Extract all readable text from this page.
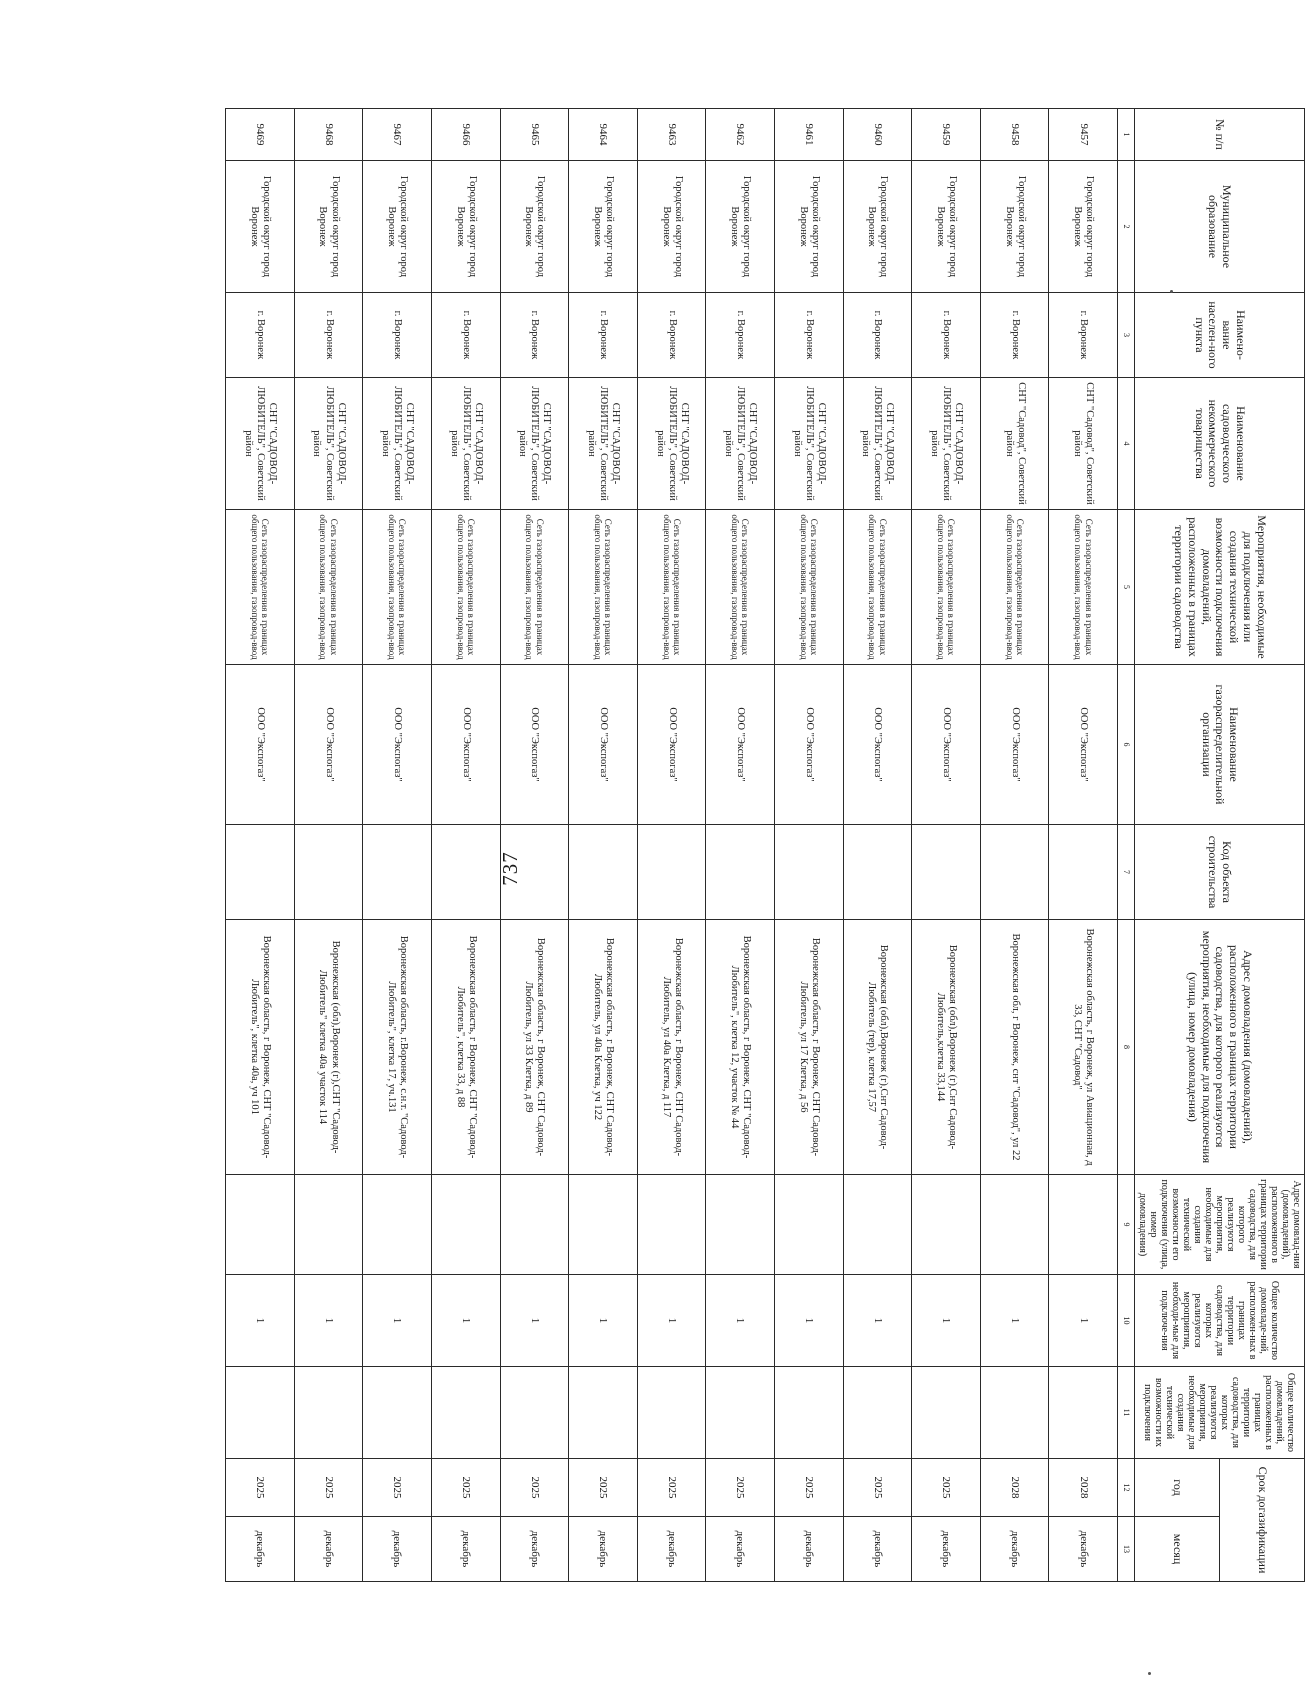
737
№ п/п	Муниципальное образование	Наимено-вание населен-ного пункта	Наименование садоводческого некоммерческого товарищества	Мероприятия, необходимые для подключения или создания технической возможности подключения домовладений, расположенных в границах территории садоводства	Наименование газораспределительной организации	Код объекта строительства	Адрес домовладения (домовладений), расположенного в границах территории садоводства, для которого реализуются мероприятия, необходимые для подключения (улица, номер домовладения)	Адрес домовлад-ния (домовладений), расположенного в границах территории садоводства, для которого реализуются мероприятия, необходимые для создания технической возможности его подключения (улица, номер домовладения)	Общее количество домовладе-ний, расположен-ных в границах территории садоводства, для которых реализуются мероприятия, необходи-мые для подключе-ния	Общее количество домовладений, расположенных в границах территории садоводства, для которых реализуются мероприятия, необходимые для создания технической возможности их подключения	Срок догазификации	
											год	месяц
1	2	3	4	5	6	7	8	9	10	11	12	13
9457	Городской округ город Воронеж	г. Воронеж	СНТ "Садовод", Советский район	Сеть газораспределения в границах общего пользования, газопровод-ввод	ООО "Экспогаз"		Воронежская область, г Воронеж, ул Авиационная, д 33, СНТ "Садовод"		1		2028	декабрь
9458	Городской округ город Воронеж	г. Воронеж	СНТ "Садовод", Советский район	Сеть газораспределения в границах общего пользования, газопровод-ввод	ООО "Экспогаз"		Воронежская обл, г Воронеж, снт "Садовод", ул 22		1		2028	декабрь
9459	Городской округ город Воронеж	г. Воронеж	СНТ "САДОВОД-ЛЮБИТЕЛЬ", Советский район	Сеть газораспределения в границах общего пользования, газопровод-ввод	ООО "Экспогаз"		Воронежская (обл),Воронеж (г),Снт Садовод-Любитель,клетка 33,144		1		2025	декабрь
9460	Городской округ город Воронеж	г. Воронеж	СНТ "САДОВОД-ЛЮБИТЕЛЬ", Советский район	Сеть газораспределения в границах общего пользования, газопровод-ввод	ООО "Экспогаз"		Воронежская (обл),Воронеж (г),Снт Садовод-Любитель (тер), клетка 17,57		1		2025	декабрь
9461	Городской округ город Воронеж	г. Воронеж	СНТ "САДОВОД-ЛЮБИТЕЛЬ", Советский район	Сеть газораспределения в границах общего пользования, газопровод-ввод	ООО "Экспогаз"		Воронежская область, г Воронеж, СНТ Садовод-Любитель, ул 17 Клетка, д 56		1		2025	декабрь
9462	Городской округ город Воронеж	г. Воронеж	СНТ "САДОВОД-ЛЮБИТЕЛЬ", Советский район	Сеть газораспределения в границах общего пользования, газопровод-ввод	ООО "Экспогаз"		Воронежская область, г Воронеж, СНТ "Садовод-Любитель", клетка 12, участок № 44		1		2025	декабрь
9463	Городской округ город Воронеж	г. Воронеж	СНТ "САДОВОД-ЛЮБИТЕЛЬ", Советский район	Сеть газораспределения в границах общего пользования, газопровод-ввод	ООО "Экспогаз"		Воронежская область, г Воронеж, СНТ Садовод-Любитель, ул 40а Клетка, д 117		1		2025	декабрь
9464	Городской округ город Воронеж	г. Воронеж	СНТ "САДОВОД-ЛЮБИТЕЛЬ", Советский район	Сеть газораспределения в границах общего пользования, газопровод-ввод	ООО "Экспогаз"		Воронежская область, г Воронеж, СНТ Садовод-Любитель, ул 40а Клетка, уч 122		1		2025	декабрь
9465	Городской округ город Воронеж	г. Воронеж	СНТ "САДОВОД-ЛЮБИТЕЛЬ", Советский район	Сеть газораспределения в границах общего пользования, газопровод-ввод	ООО "Экспогаз"		Воронежская область, г Воронеж, СНТ Садовод-Любитель, ул 33 Клетка, д 89		1		2025	декабрь
9466	Городской округ город Воронеж	г. Воронеж	СНТ "САДОВОД-ЛЮБИТЕЛЬ", Советский район	Сеть газораспределения в границах общего пользования, газопровод-ввод	ООО "Экспогаз"		Воронежская область, г Воронеж, СНТ "Садовод-Любитель", клетка 33, д 88		1		2025	декабрь
9467	Городской округ город Воронеж	г. Воронеж	СНТ "САДОВОД-ЛЮБИТЕЛЬ", Советский район	Сеть газораспределения в границах общего пользования, газопровод-ввод	ООО "Экспогаз"		Воронежская область, г.Воронеж, с.н.т. "Садовод-Любитель", клетка 17, уч.131		1		2025	декабрь
9468	Городской округ город Воронеж	г. Воронеж	СНТ "САДОВОД-ЛЮБИТЕЛЬ", Советский район	Сеть газораспределения в границах общего пользования, газопровод-ввод	ООО "Экспогаз"		Воронежская (обл),Воронеж (г),СНТ "Садовод-Любитель" клетка 40а участок 114		1		2025	декабрь
9469	Городской округ город Воронеж	г. Воронеж	СНТ "САДОВОД-ЛЮБИТЕЛЬ", Советский район	Сеть газораспределения в границах общего пользования, газопровод-ввод	ООО "Экспогаз"		Воронежская область, г Воронеж, СНТ "Садовод-Любитель", клетка 40а, уч 101		1		2025	декабрь
